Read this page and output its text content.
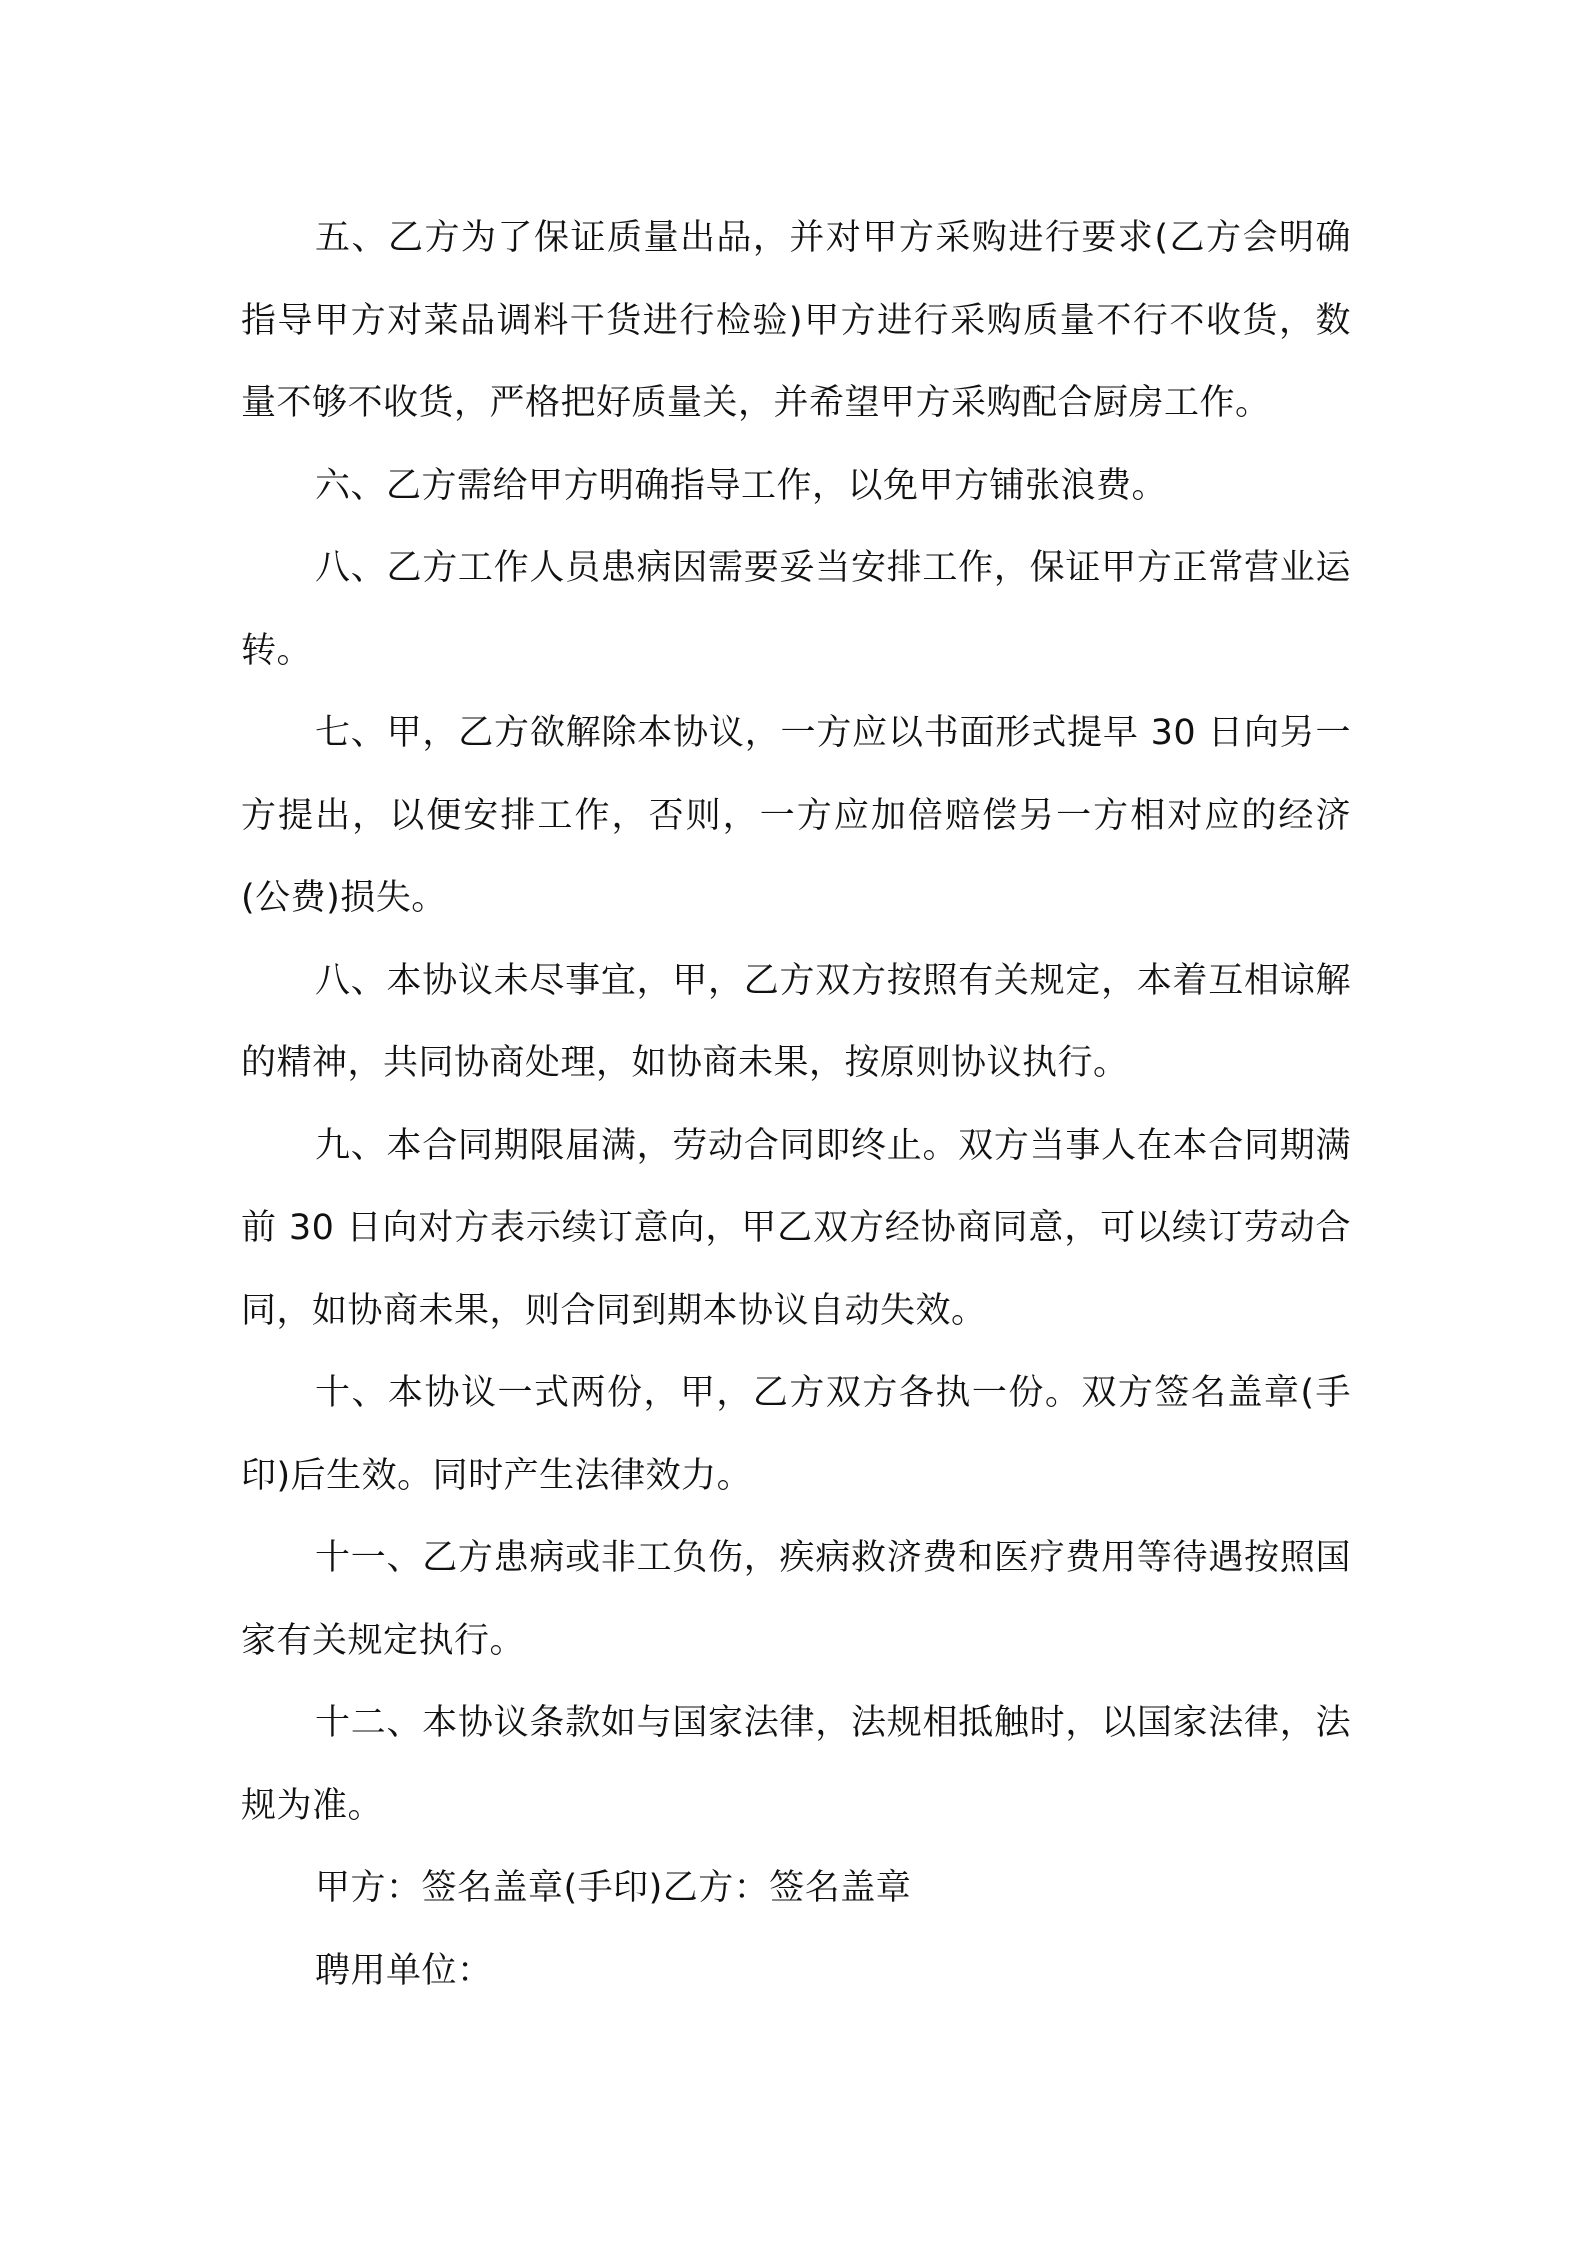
五、乙方为了保证质量出品，并对甲方采购进行要求(乙方会明确指导甲方对菜品调料干货进行检验)甲方进行采购质量不行不收货，数量不够不收货，严格把好质量关，并希望甲方采购配合厨房工作。

六、乙方需给甲方明确指导工作，以免甲方铺张浪费。

八、乙方工作人员患病因需要妥当安排工作，保证甲方正常营业运转。

七、甲，乙方欲解除本协议，一方应以书面形式提早 30 日向另一方提出，以便安排工作，否则，一方应加倍赔偿另一方相对应的经济(公费)损失。

八、本协议未尽事宜，甲，乙方双方按照有关规定，本着互相谅解的精神，共同协商处理，如协商未果，按原则协议执行。

九、本合同期限届满，劳动合同即终止。双方当事人在本合同期满前 30 日向对方表示续订意向，甲乙双方经协商同意，可以续订劳动合同，如协商未果，则合同到期本协议自动失效。

十、本协议一式两份，甲，乙方双方各执一份。双方签名盖章(手印)后生效。同时产生法律效力。

十一、乙方患病或非工负伤，疾病救济费和医疗费用等待遇按照国家有关规定执行。

十二、本协议条款如与国家法律，法规相抵触时，以国家法律，法规为准。

甲方：签名盖章(手印)乙方：签名盖章

聘用单位：
